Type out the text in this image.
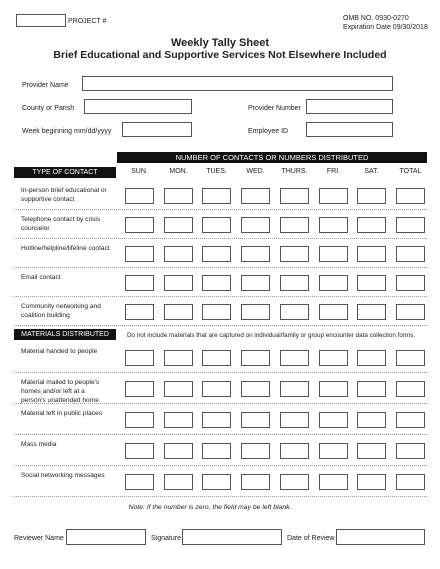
PROJECT #	OMB NO. 0930-0270
Expiration Date 09/30/2018
Weekly Tally Sheet
Brief Educational and Supportive Services Not Elsewhere Included
Provider Name
County or Parish	Provider Number
Week beginning mm/dd/yyyy	Employee ID
NUMBER OF CONTACTS OR NUMBERS DISTRIBUTED
TYPE OF CONTACT	SUN.	MON.	TUES.	WED.	THURS.	FRI.	SAT.	TOTAL
In-person brief educational or
supportive contact
Telephone contact by crisis
counselor
Hotline/helpline/lifeline contact
Email contact
Community networking and
coalition building
MATERIALS DISTRIBUTED	Do not include materials that are captured on individual/family or group encounter data collection forms.
Material handed to people
Material mailed to people's
homes and/or left at a
person's unattended home
Material left in public places
Mass media
Social networking messages
Note: If the number is zero, the field may be left blank.
Reviewer Name	Signature	Date of Review
